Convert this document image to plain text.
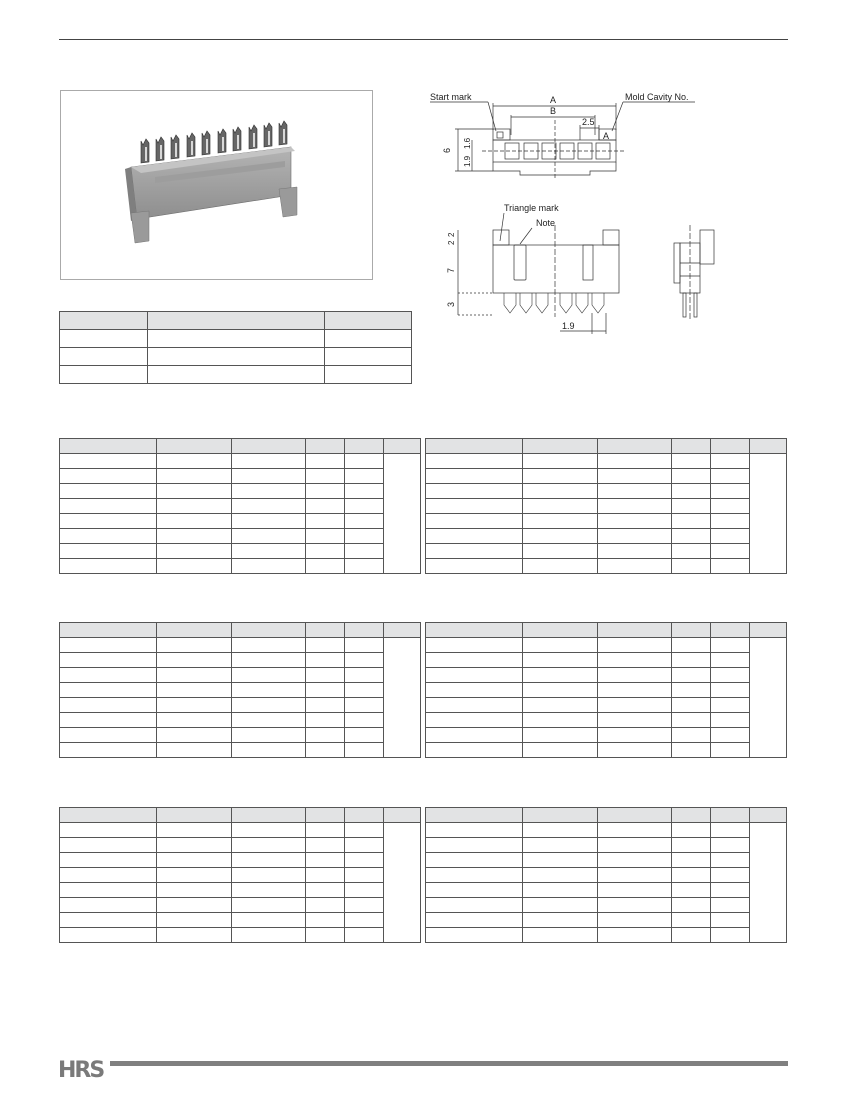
Start mark	Mold Cavity No.
A
B
2.5
A
6
1.6
1.9
Triangle mark
Note
2
2
7
3
1.9

HRS
